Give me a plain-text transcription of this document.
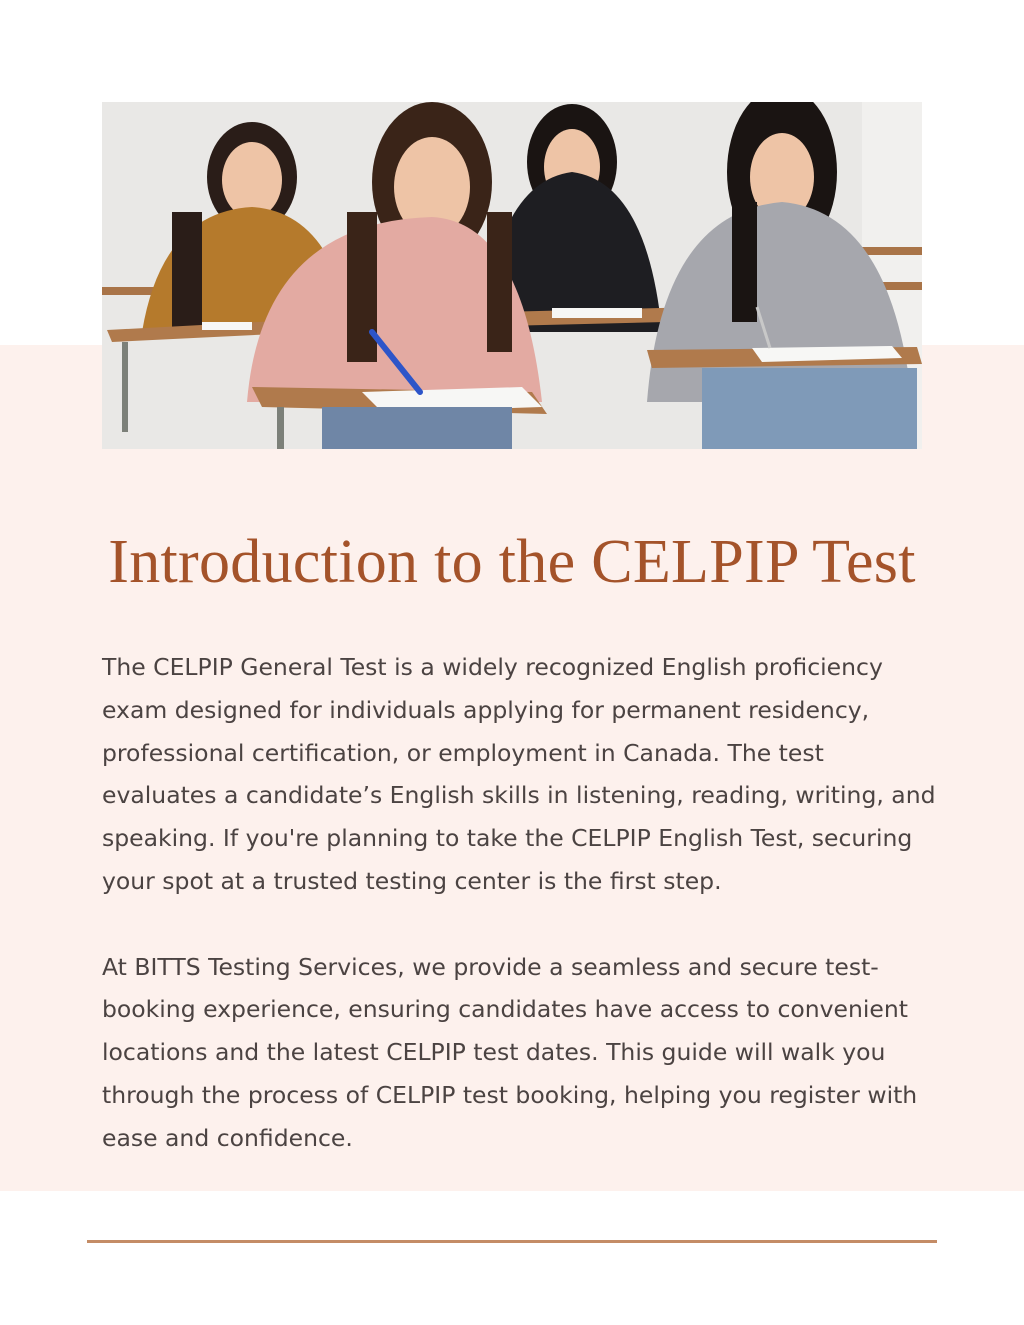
Introduction to the CELPIP Test

The CELPIP General Test is a widely recognized English proficiency
exam designed for individuals applying for permanent residency,
professional certification, or employment in Canada. The test
evaluates a candidate’s English skills in listening, reading, writing, and
speaking. If you're planning to take the CELPIP English Test, securing
your spot at a trusted testing center is the first step.

At BITTS Testing Services, we provide a seamless and secure test-
booking experience, ensuring candidates have access to convenient
locations and the latest CELPIP test dates. This guide will walk you
through the process of CELPIP test booking, helping you register with
ease and confidence.
